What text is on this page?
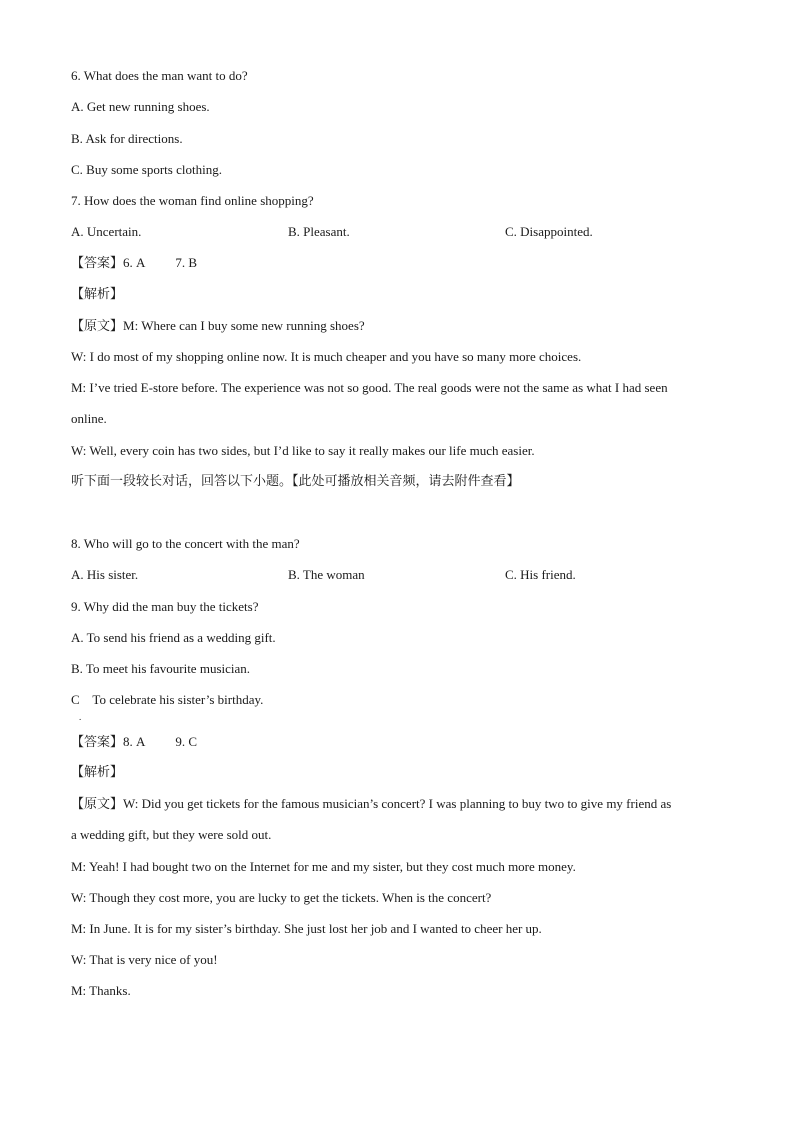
6. What does the man want to do?
A. Get new running shoes.
B. Ask for directions.
C. Buy some sports clothing.
7. How does the woman find online shopping?
A. Uncertain.	B. Pleasant.	C. Disappointed.
【答案】6. A 7. B
【解析】
【原文】M: Where can I buy some new running shoes?
W: I do most of my shopping online now. It is much cheaper and you have so many more choices.
M: I’ve tried E-store before. The experience was not so good. The real goods were not the same as what I had seen
online.
W: Well, every coin has two sides, but I’d like to say it really makes our life much easier.
听下面一段较长对话，回答以下小题。【此处可播放相关音频，请去附件查看】
8. Who will go to the concert with the man?
A. His sister.	B. The woman	C. His friend.
9. Why did the man buy the tickets?
A. To send his friend as a wedding gift.
B. To meet his favourite musician.
C    To celebrate his sister’s birthday.
.
【答案】8. A 9. C
【解析】
【原文】W: Did you get tickets for the famous musician’s concert? I was planning to buy two to give my friend as
a wedding gift, but they were sold out.
M: Yeah! I had bought two on the Internet for me and my sister, but they cost much more money.
W: Though they cost more, you are lucky to get the tickets. When is the concert?
M: In June. It is for my sister’s birthday. She just lost her job and I wanted to cheer her up.
W: That is very nice of you!
M: Thanks.
